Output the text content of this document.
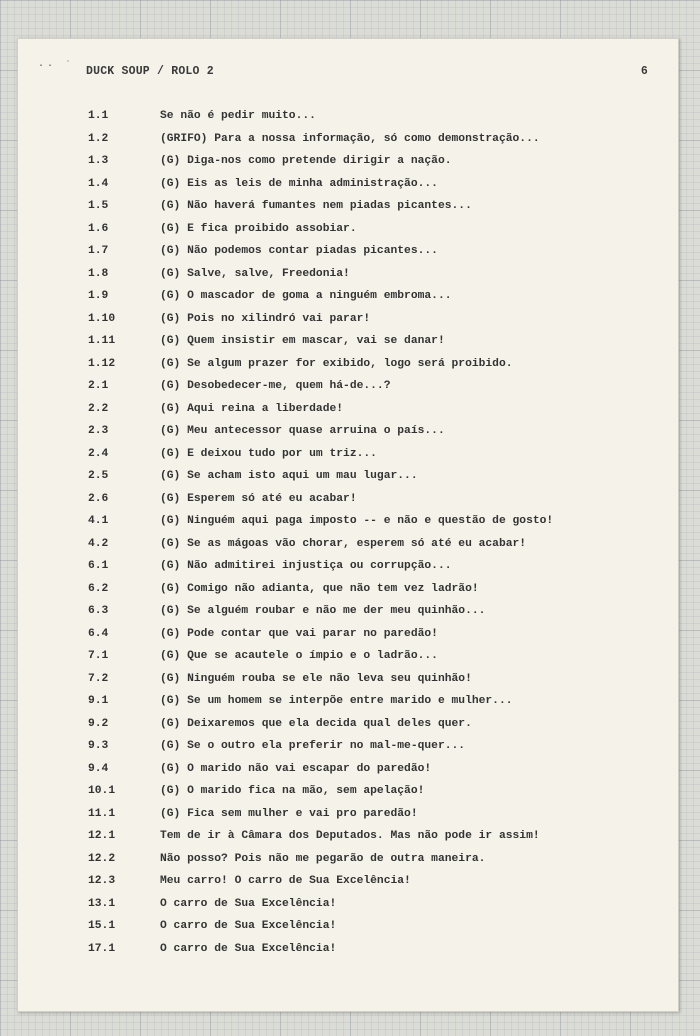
·· ˙ DUCK SOUP / ROLO 2	6
1.1	Se não é pedir muito...
1.2	(GRIFO) Para a nossa informação, só como demonstração...
1.3	(G) Diga-nos como pretende dirigir a nação.
1.4	(G) Eis as leis de minha administração...
1.5	(G) Não haverá fumantes nem piadas picantes...
1.6	(G) E fica proibido assobiar.
1.7	(G) Não podemos contar piadas picantes...
1.8	(G) Salve, salve, Freedonia!
1.9	(G) O mascador de goma a ninguém embroma...
1.10	(G) Pois no xilindró vai parar!
1.11	(G) Quem insistir em mascar, vai se danar!
1.12	(G) Se algum prazer for exibido, logo será proibido.
2.1	(G) Desobedecer-me, quem há-de...?
2.2	(G) Aqui reina a liberdade!
2.3	(G) Meu antecessor quase arruina o país...
2.4	(G) E deixou tudo por um triz...
2.5	(G) Se acham isto aqui um mau lugar...
2.6	(G) Esperem só até eu acabar!
4.1	(G) Ninguém aqui paga imposto -- e não e questão de gosto!
4.2	(G) Se as mágoas vão chorar, esperem só até eu acabar!
6.1	(G) Não admitirei injustiça ou corrupção...
6.2	(G) Comigo não adianta, que não tem vez ladrão!
6.3	(G) Se alguém roubar e não me der meu quinhão...
6.4	(G) Pode contar que vai parar no paredão!
7.1	(G) Que se acautele o ímpio e o ladrão...
7.2	(G) Ninguém rouba se ele não leva seu quinhão!
9.1	(G) Se um homem se interpõe entre marido e mulher...
9.2	(G) Deixaremos que ela decida qual deles quer.
9.3	(G) Se o outro ela preferir no mal-me-quer...
9.4	(G) O marido não vai escapar do paredão!
10.1	(G) O marido fica na mão, sem apelação!
11.1	(G) Fica sem mulher e vai pro paredão!
12.1	Tem de ir à Câmara dos Deputados. Mas não pode ir assim!
12.2	Não posso? Pois não me pegarão de outra maneira.
12.3	Meu carro! O carro de Sua Excelência!
13.1	O carro de Sua Excelência!
15.1	O carro de Sua Excelência!
17.1	O carro de Sua Excelência!
